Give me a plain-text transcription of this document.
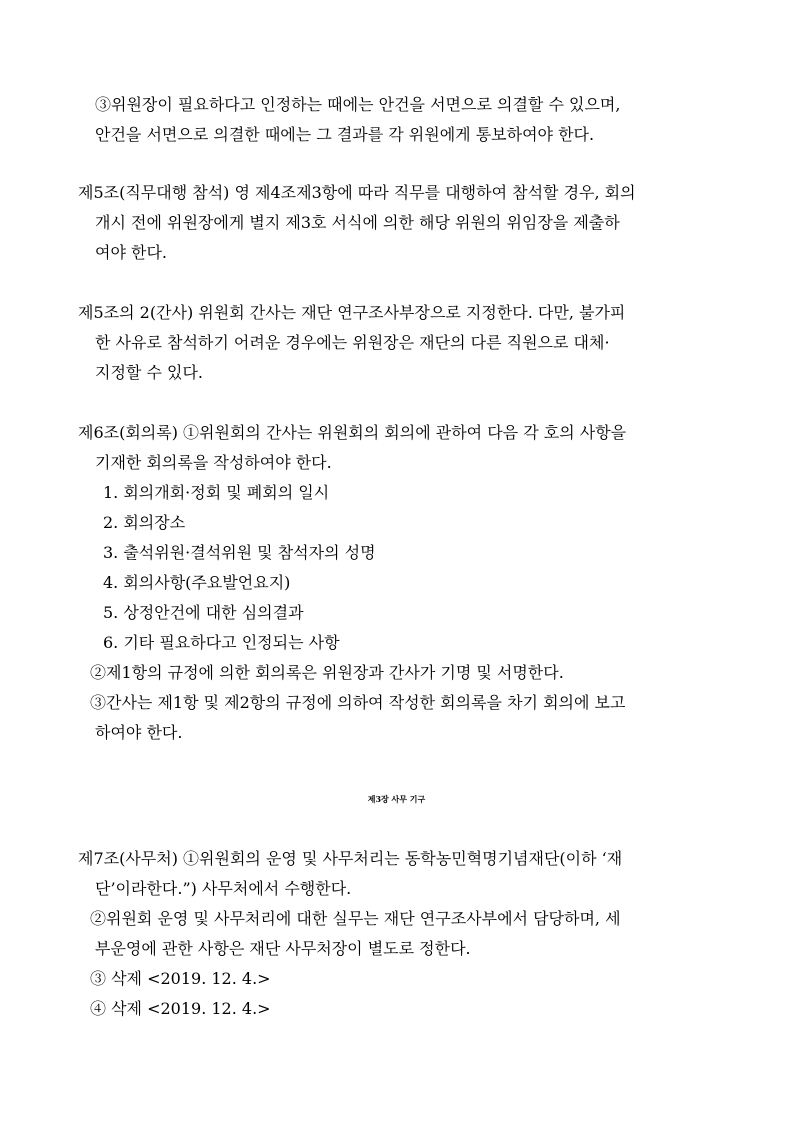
③위원장이 필요하다고 인정하는 때에는 안건을 서면으로 의결할 수 있으며,
안건을 서면으로 의결한 때에는 그 결과를 각 위원에게 통보하여야 한다.
제5조(직무대행 참석) 영 제4조제3항에 따라 직무를 대행하여 참석할 경우, 회의
개시 전에 위원장에게 별지 제3호 서식에 의한 해당 위원의 위임장을 제출하
여야 한다.
제5조의 2(간사) 위원회 간사는 재단 연구조사부장으로 지정한다. 다만, 불가피
한 사유로 참석하기 어려운 경우에는 위원장은 재단의 다른 직원으로 대체·
지정할 수 있다.
제6조(회의록) ①위원회의 간사는 위원회의 회의에 관하여 다음 각 호의 사항을
기재한 회의록을 작성하여야 한다.
1. 회의개회·정회 및 폐회의 일시
2. 회의장소
3. 출석위원·결석위원 및 참석자의 성명
4. 회의사항(주요발언요지)
5. 상정안건에 대한 심의결과
6. 기타 필요하다고 인정되는 사항
②제1항의 규정에 의한 회의록은 위원장과 간사가 기명 및 서명한다.
③간사는 제1항 및 제2항의 규정에 의하여 작성한 회의록을 차기 회의에 보고
하여야 한다.
제3장 사무 기구
제7조(사무처) ①위원회의 운영 및 사무처리는 동학농민혁명기념재단(이하 ‘재
단’이라한다.”) 사무처에서 수행한다.
②위원회 운영 및 사무처리에 대한 실무는 재단 연구조사부에서 담당하며, 세
부운영에 관한 사항은 재단 사무처장이 별도로 정한다.
③ 삭제 <2019. 12. 4.>
④ 삭제 <2019. 12. 4.>
